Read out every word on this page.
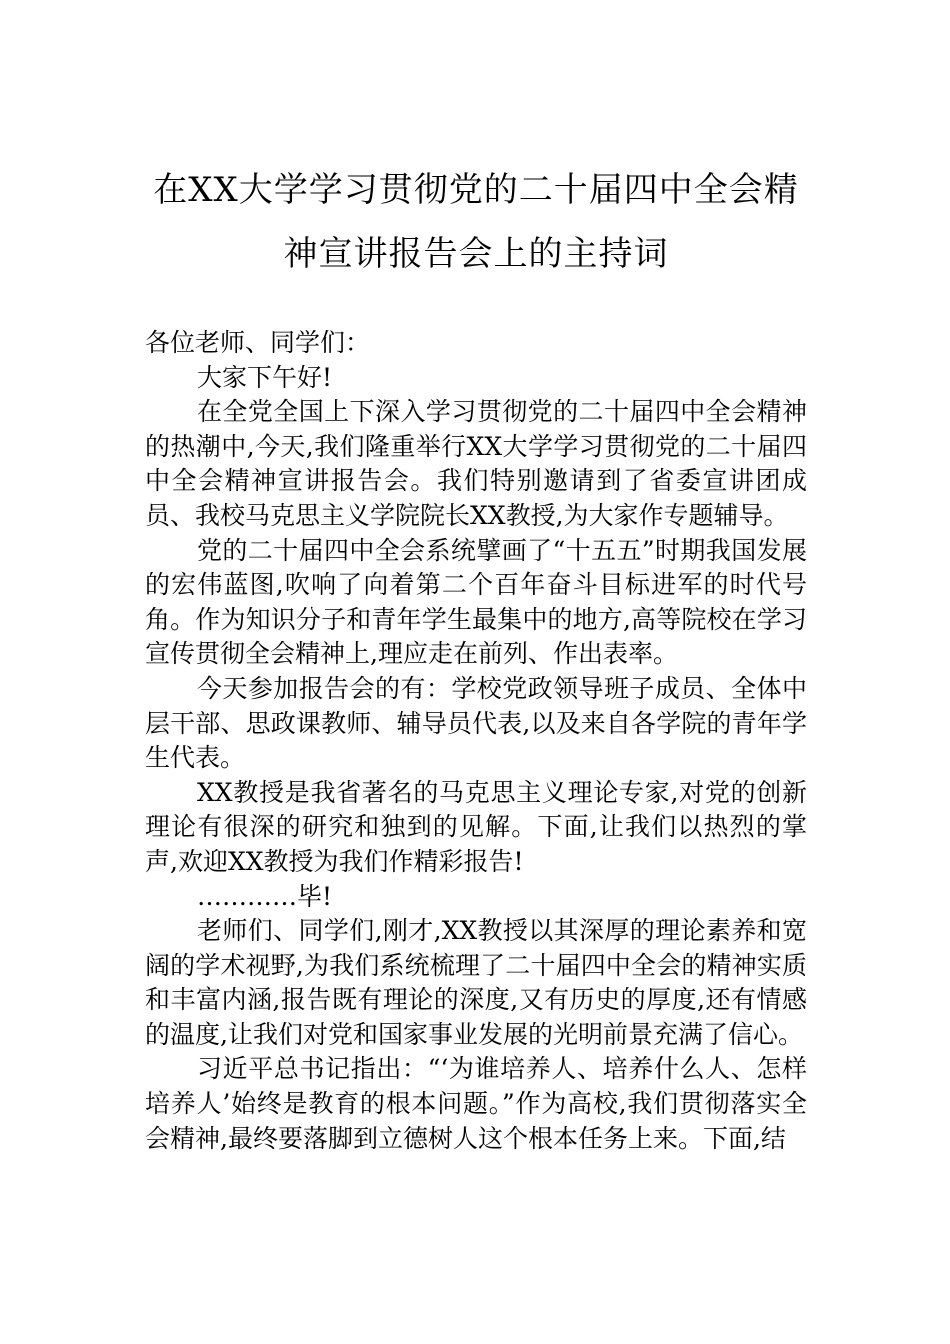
在XX大学学习贯彻党的二十届四中全会精神宣讲报告会上的主持词

各位老师、同学们：

大家下午好!

在全党全国上下深入学习贯彻党的二十届四中全会精神的热潮中,今天,我们隆重举行XX大学学习贯彻党的二十届四中全会精神宣讲报告会。我们特别邀请到了省委宣讲团成员、我校马克思主义学院院长XX教授,为大家作专题辅导。

党的二十届四中全会系统擘画了“十五五”时期我国发展的宏伟蓝图,吹响了向着第二个百年奋斗目标进军的时代号角。作为知识分子和青年学生最集中的地方,高等院校在学习宣传贯彻全会精神上,理应走在前列、作出表率。

今天参加报告会的有：学校党政领导班子成员、全体中层干部、思政课教师、辅导员代表,以及来自各学院的青年学生代表。

XX教授是我省著名的马克思主义理论专家,对党的创新理论有很深的研究和独到的见解。下面,让我们以热烈的掌声,欢迎XX教授为我们作精彩报告!

…………毕!

老师们、同学们,刚才,XX教授以其深厚的理论素养和宽阔的学术视野,为我们系统梳理了二十届四中全会的精神实质和丰富内涵,报告既有理论的深度,又有历史的厚度,还有情感的温度,让我们对党和国家事业发展的光明前景充满了信心。

习近平总书记指出：“‘为谁培养人、培养什么人、怎样培养人’始终是教育的根本问题。”作为高校,我们贯彻落实全会精神,最终要落脚到立德树人这个根本任务上来。下面,结
